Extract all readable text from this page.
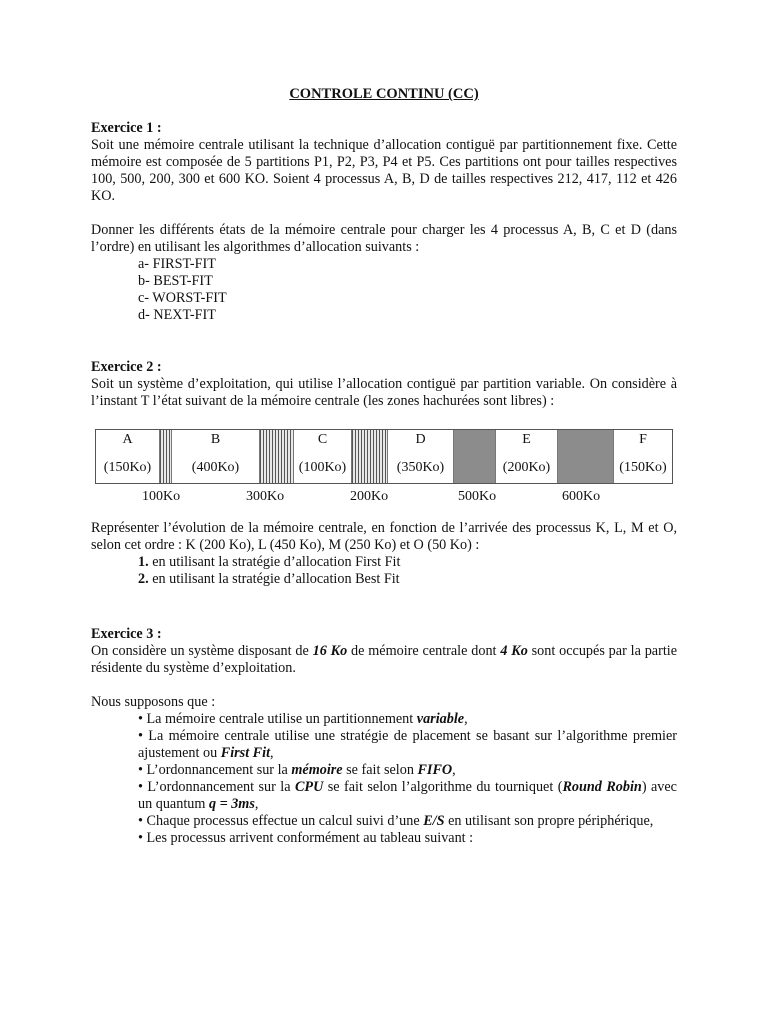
CONTROLE CONTINU (CC)

Exercice 1 :

Soit une mémoire centrale utilisant la technique d’allocation contiguë par partitionnement fixe. Cette mémoire est composée de 5 partitions P1, P2, P3, P4 et P5. Ces partitions ont pour tailles respectives 100, 500, 200, 300 et 600 KO. Soient 4 processus A, B, D de tailles respectives 212, 417, 112 et 426 KO.

Donner les différents états de la mémoire centrale pour charger les 4 processus A, B, C et D (dans l’ordre) en utilisant les algorithmes d’allocation suivants :

a- FIRST-FIT
b- BEST-FIT
c- WORST-FIT
d- NEXT-FIT

Exercice 2 :

Soit un système d’exploitation, qui utilise l’allocation contiguë par partition variable. On considère à l’instant T l’état suivant de la mémoire centrale (les zones hachurées sont libres) :

A
(150Ko)
B
(400Ko)
C
(100Ko)
D
(350Ko)
E
(200Ko)
F
(150Ko)
100Ko	300Ko	200Ko	500Ko	600Ko

Représenter l’évolution de la mémoire centrale, en fonction de l’arrivée des processus K, L, M et O, selon cet ordre : K (200 Ko), L (450 Ko), M (250 Ko) et O (50 Ko) :

1. en utilisant la stratégie d’allocation First Fit
2. en utilisant la stratégie d’allocation Best Fit

Exercice 3 :

On considère un système disposant de 16 Ko de mémoire centrale dont 4 Ko sont occupés par la partie résidente du système d’exploitation.

Nous supposons que :

• La mémoire centrale utilise un partitionnement variable,
• La mémoire centrale utilise une stratégie de placement se basant sur l’algorithme premier ajustement ou First Fit,
• L’ordonnancement sur la mémoire se fait selon FIFO,
• L’ordonnancement sur la CPU se fait selon l’algorithme du tourniquet (Round Robin) avec un quantum q = 3ms,
• Chaque processus effectue un calcul suivi d’une E/S en utilisant son propre périphérique,
• Les processus arrivent conformément au tableau suivant :
